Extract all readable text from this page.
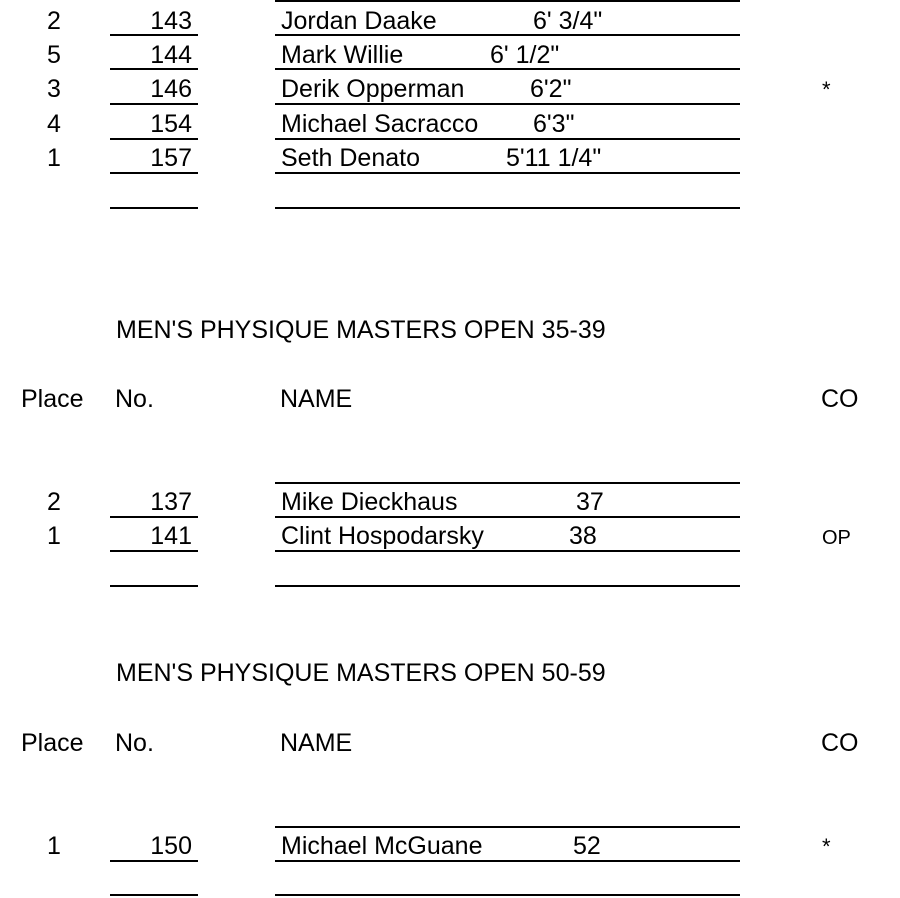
2	143	Jordan Daake	6' 3/4"
5	144	Mark Willie	6' 1/2"
3	146	Derik Opperman	6'2"	*
4	154	Michael Sacracco 6'3"
1	157	Seth Denato	5'11 1/4"
MEN'S PHYSIQUE MASTERS OPEN 35-39
Place No.	NAME	CO
2	137	Mike Dieckhaus	37
1	141	Clint Hospodarsky	38	OP
MEN'S PHYSIQUE MASTERS OPEN 50-59
Place No.	NAME	CO
1	150	Michael McGuane	52	*
